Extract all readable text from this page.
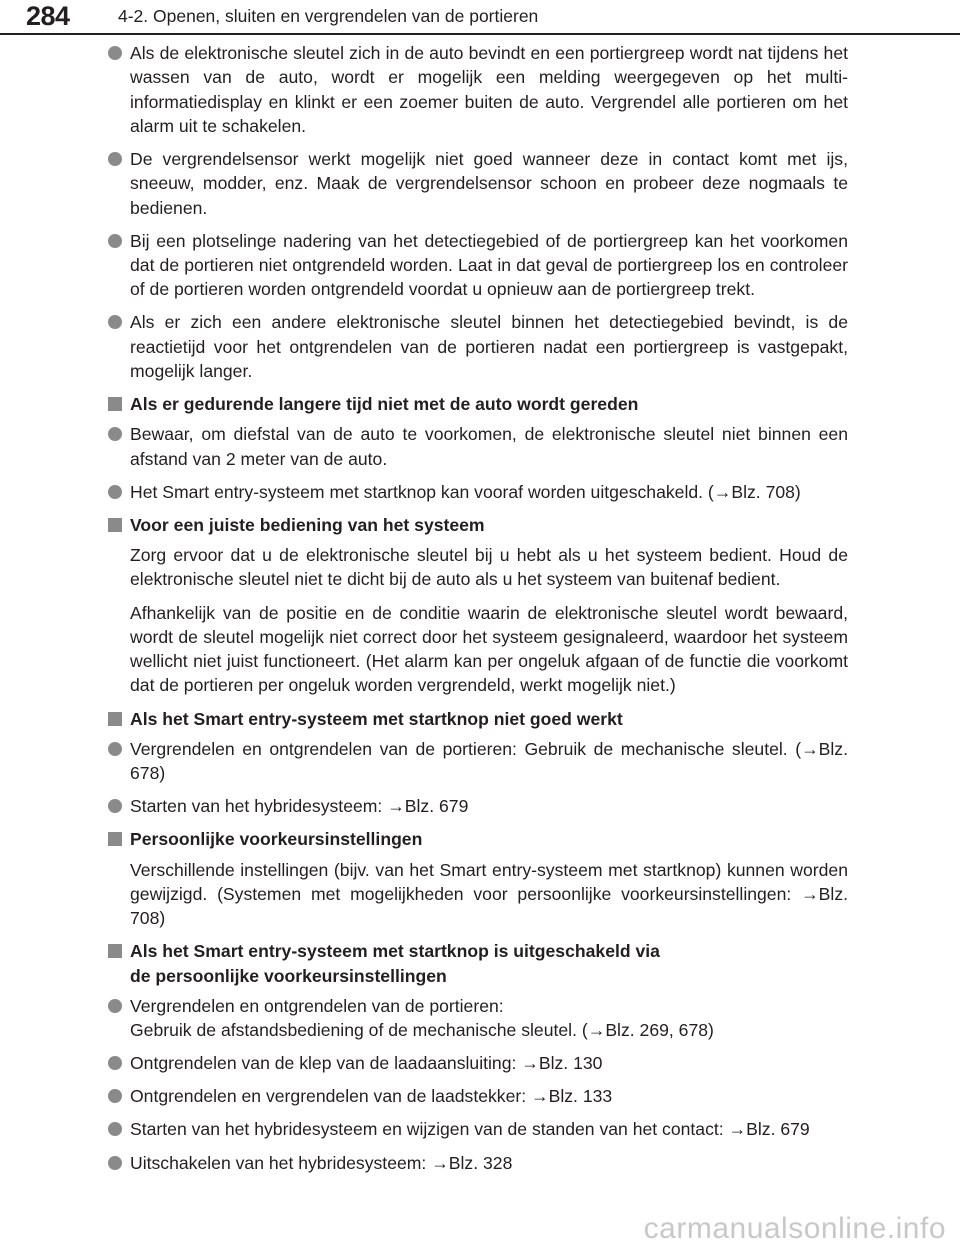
284	4-2. Openen, sluiten en vergrendelen van de portieren
Als de elektronische sleutel zich in de auto bevindt en een portiergreep wordt nat tijdens het wassen van de auto, wordt er mogelijk een melding weergegeven op het multi-informatiedisplay en klinkt er een zoemer buiten de auto. Vergrendel alle portieren om het alarm uit te schakelen.
De vergrendelsensor werkt mogelijk niet goed wanneer deze in contact komt met ijs, sneeuw, modder, enz. Maak de vergrendelsensor schoon en probeer deze nogmaals te bedienen.
Bij een plotselinge nadering van het detectiegebied of de portiergreep kan het voorkomen dat de portieren niet ontgrendeld worden. Laat in dat geval de portiergreep los en controleer of de portieren worden ontgrendeld voordat u opnieuw aan de portiergreep trekt.
Als er zich een andere elektronische sleutel binnen het detectiegebied bevindt, is de reactietijd voor het ontgrendelen van de portieren nadat een portiergreep is vastgepakt, mogelijk langer.
Als er gedurende langere tijd niet met de auto wordt gereden
Bewaar, om diefstal van de auto te voorkomen, de elektronische sleutel niet binnen een afstand van 2 meter van de auto.
Het Smart entry-systeem met startknop kan vooraf worden uitgeschakeld. (→Blz. 708)
Voor een juiste bediening van het systeem
Zorg ervoor dat u de elektronische sleutel bij u hebt als u het systeem bedient. Houd de elektronische sleutel niet te dicht bij de auto als u het systeem van buitenaf bedient.
Afhankelijk van de positie en de conditie waarin de elektronische sleutel wordt bewaard, wordt de sleutel mogelijk niet correct door het systeem gesignaleerd, waardoor het systeem wellicht niet juist functioneert. (Het alarm kan per ongeluk afgaan of de functie die voorkomt dat de portieren per ongeluk worden vergrendeld, werkt mogelijk niet.)
Als het Smart entry-systeem met startknop niet goed werkt
Vergrendelen en ontgrendelen van de portieren: Gebruik de mechanische sleutel. (→Blz. 678)
Starten van het hybridesysteem: →Blz. 679
Persoonlijke voorkeursinstellingen
Verschillende instellingen (bijv. van het Smart entry-systeem met startknop) kunnen worden gewijzigd. (Systemen met mogelijkheden voor persoonlijke voorkeursinstellingen: →Blz. 708)
Als het Smart entry-systeem met startknop is uitgeschakeld via
de persoonlijke voorkeursinstellingen
Vergrendelen en ontgrendelen van de portieren:
Gebruik de afstandsbediening of de mechanische sleutel. (→Blz. 269, 678)
Ontgrendelen van de klep van de laadaansluiting: →Blz. 130
Ontgrendelen en vergrendelen van de laadstekker: →Blz. 133
Starten van het hybridesysteem en wijzigen van de standen van het contact: →Blz. 679
Uitschakelen van het hybridesysteem: →Blz. 328
carmanualsonline.info
